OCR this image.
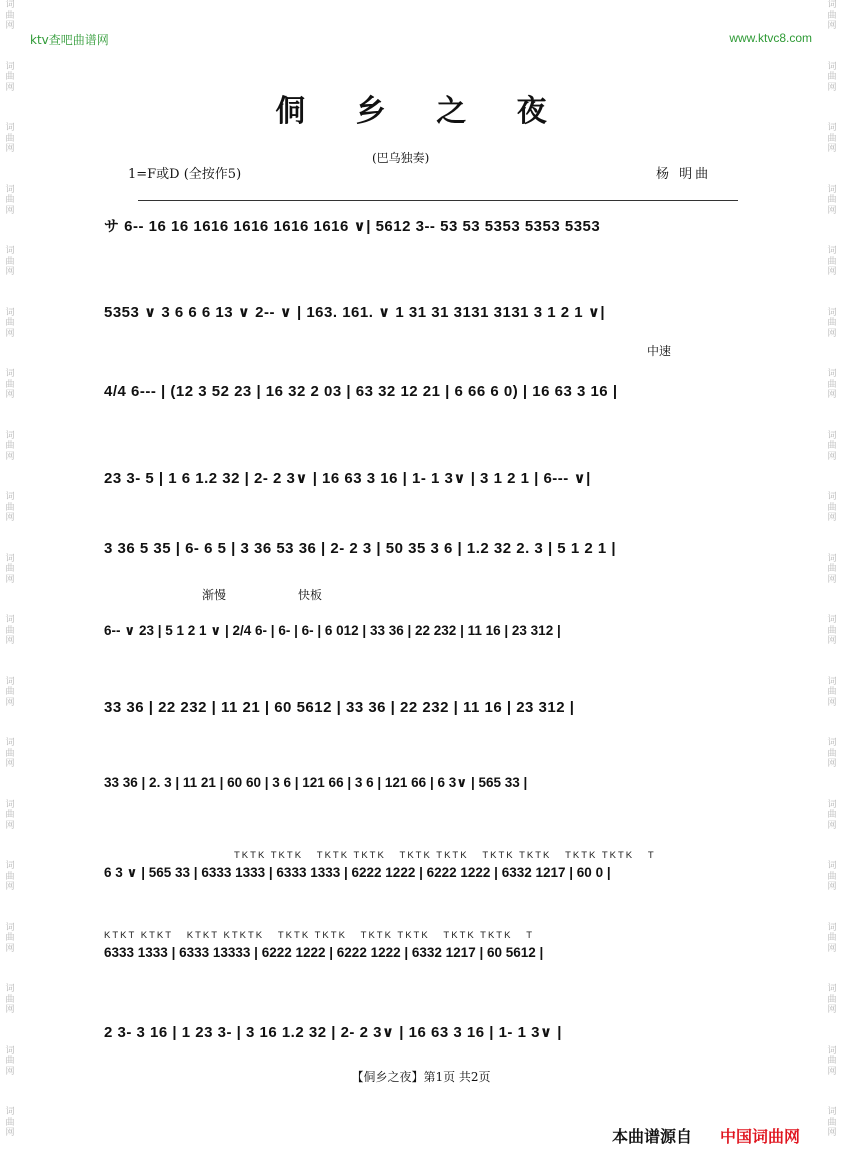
词
曲
网
词
曲
网
词
曲
网
词
曲
网
词
曲
网
词
曲
网
词
曲
网
词
曲
网
词
曲
网
词
曲
网
词
曲
网
词
曲
网
词
曲
网
词
曲
网
词
曲
网
词
曲
网
词
曲
网
词
曲
网
词
曲
网
词
曲
网
词
曲
网
词
曲
网
词
曲
网
词
曲
网
词
曲
网
词
曲
网
词
曲
网
词
曲
网
词
曲
网
词
曲
网
词
曲
网
词
曲
网
词
曲
网
词
曲
网
词
曲
网
词
曲
网
词
曲
网
词
曲
网
ktv查吧曲谱网	www.ktvc8.com
侗 乡 之 夜
(巴乌独奏)
1=F或D (全按作5)	杨 明曲
中速
渐慢	快板
サ 6-- 16 16 1616 1616 1616 1616 ∨| 5612 3-- 53 53 5353 5353 5353
5353 ∨ 3 6 6 6 13 ∨ 2-- ∨ | 163. 161. ∨ 1 31 31 3131 3131 3 1 2 1 ∨|
4/4 6--- | (12 3 52 23 | 16 32 2 03 | 63 32 12 21 | 6 66 6 0) | 16 63 3 16 |
23 3- 5 | 1 6 1.2 32 | 2- 2 3∨ | 16 63 3 16 | 1- 1 3∨ | 3 1 2 1 | 6--- ∨|
3 36 5 35 | 6- 6 5 | 3 36 53 36 | 2- 2 3 | 50 35 3 6 | 1.2 32 2. 3 | 5 1 2 1 |
6-- ∨ 23 | 5 1 2 1 ∨ | 2/4 6- | 6- | 6- | 6 012 | 33 36 | 22 232 | 11 16 | 23 312 |
33 36 | 22 232 | 11 21 | 60 5612 | 33 36 | 22 232 | 11 16 | 23 312 |
33 36 | 2. 3 | 11 21 | 60 60 | 3 6 | 121 66 | 3 6 | 121 66 | 6 3∨ | 565 33 |
TKTK TKTK   TKTK TKTK   TKTK TKTK   TKTK TKTK   TKTK TKTK   T
6 3 ∨ | 565 33 | 6333 1333 | 6333 1333 | 6222 1222 | 6222 1222 | 6332 1217 | 60 0 |
KTKT KTKT   KTKT KTKTK   TKTK TKTK   TKTK TKTK   TKTK TKTK   T
6333 1333 | 6333 13333 | 6222 1222 | 6222 1222 | 6332 1217 | 60 5612 |
2 3- 3 16 | 1 23 3- | 3 16 1.2 32 | 2- 2 3∨ | 16 63 3 16 | 1- 1 3∨ |
【侗乡之夜】第1页 共2页
本曲谱源自 中国词曲网
